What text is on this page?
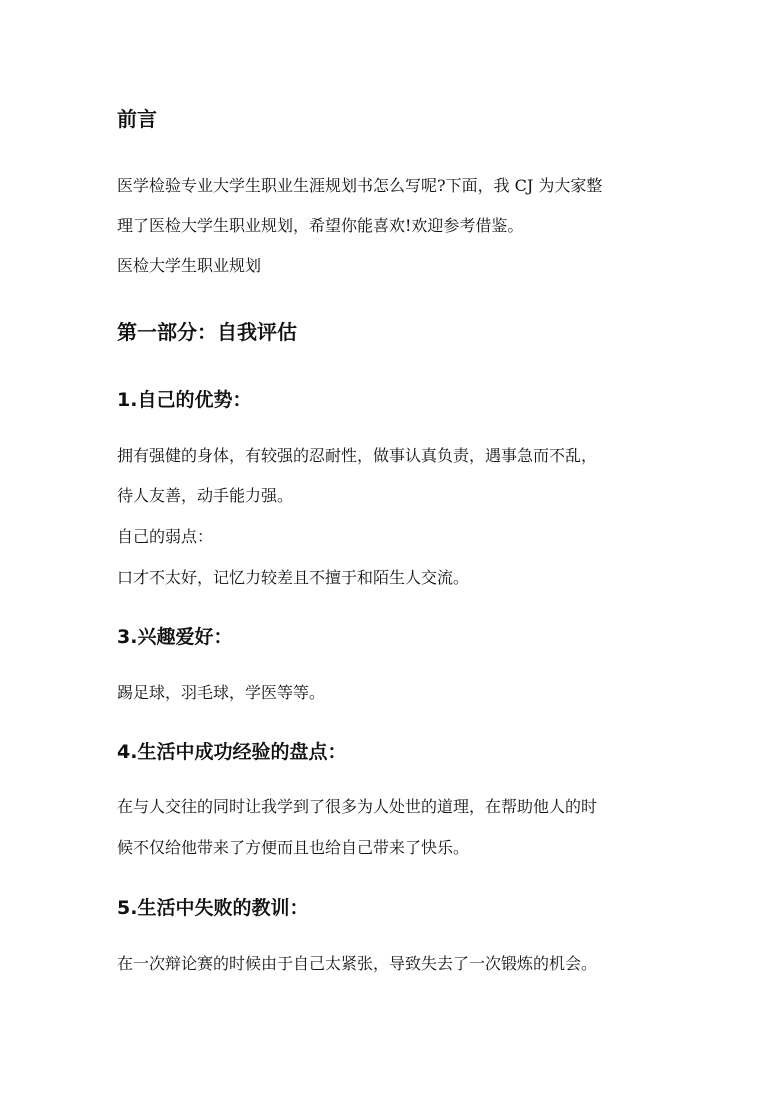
前言
医学检验专业大学生职业生涯规划书怎么写呢?下面，我 CJ 为大家整
理了医检大学生职业规划，希望你能喜欢!欢迎参考借鉴。
医检大学生职业规划
第一部分：自我评估
1.自己的优势：
拥有强健的身体，有较强的忍耐性，做事认真负责，遇事急而不乱，
待人友善，动手能力强。
自己的弱点：
口才不太好，记忆力较差且不擅于和陌生人交流。
3.兴趣爱好：
踢足球，羽毛球，学医等等。
4.生活中成功经验的盘点：
在与人交往的同时让我学到了很多为人处世的道理，在帮助他人的时
候不仅给他带来了方便而且也给自己带来了快乐。
5.生活中失败的教训：
在一次辩论赛的时候由于自己太紧张，导致失去了一次锻炼的机会。
